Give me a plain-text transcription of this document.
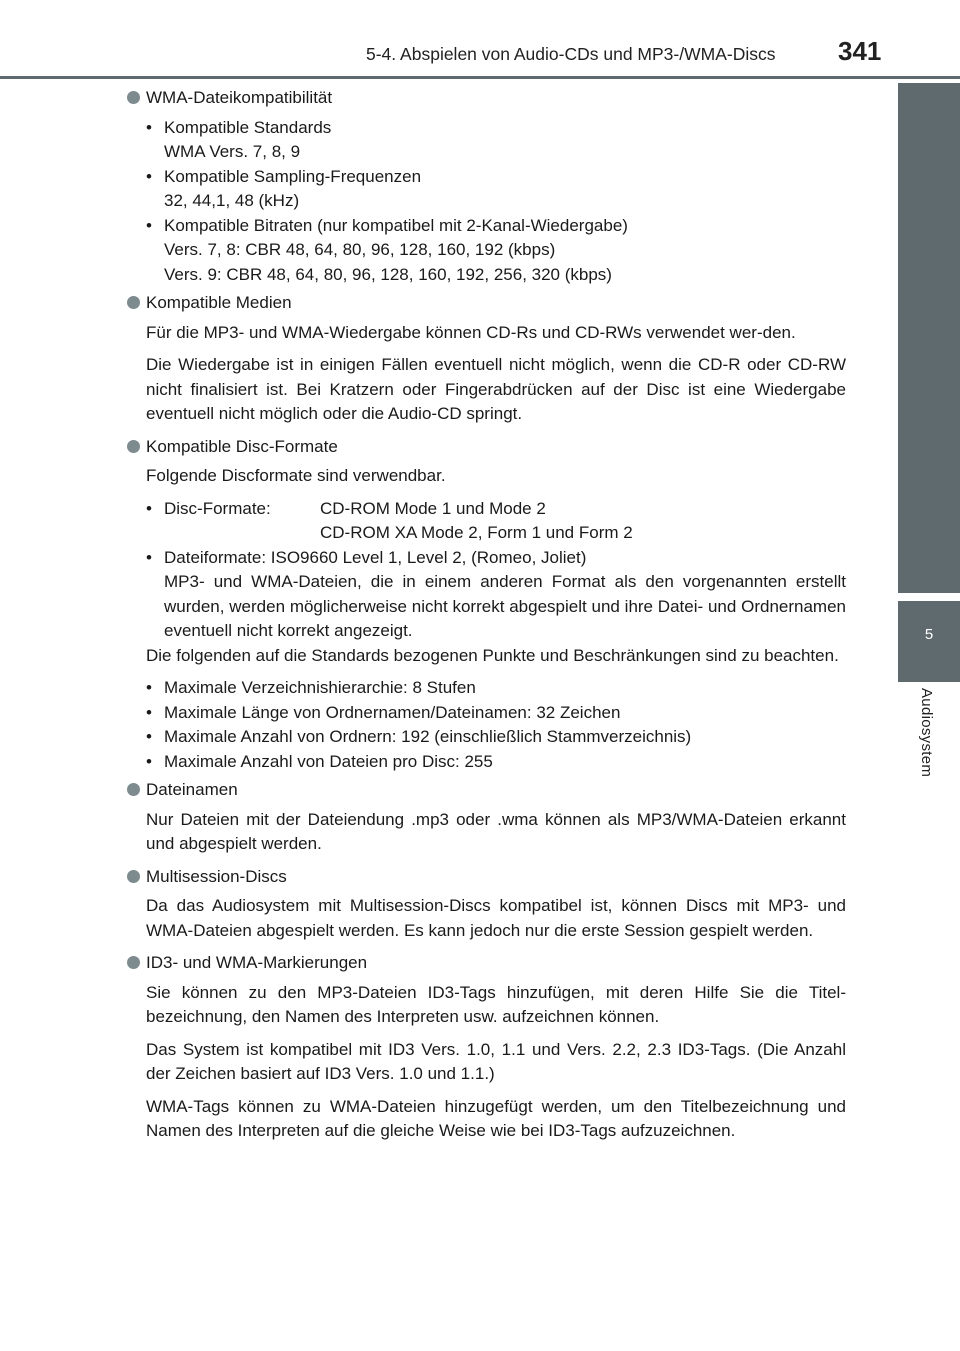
5-4. Abspielen von Audio-CDs und MP3-/WMA-Discs 341
5
Audiosystem
WMA-Dateikompatibilität
• Kompatible Standards
WMA Vers. 7, 8, 9
• Kompatible Sampling-Frequenzen
32, 44,1, 48 (kHz)
• Kompatible Bitraten (nur kompatibel mit 2-Kanal-Wiedergabe)
Vers. 7, 8: CBR 48, 64, 80, 96, 128, 160, 192 (kbps)
Vers. 9: CBR 48, 64, 80, 96, 128, 160, 192, 256, 320 (kbps)
Kompatible Medien

Für die MP3- und WMA-Wiedergabe können CD-Rs und CD-RWs verwendet wer-den.

Die Wiedergabe ist in einigen Fällen eventuell nicht möglich, wenn die CD-R oder CD-RW nicht finalisiert ist. Bei Kratzern oder Fingerabdrücken auf der Disc ist eine Wiedergabe eventuell nicht möglich oder die Audio-CD springt.

Kompatible Disc-Formate

Folgende Discformate sind verwendbar.

• Disc-Formate:	CD-ROM Mode 1 und Mode 2
CD-ROM XA Mode 2, Form 1 und Form 2
• Dateiformate: ISO9660 Level 1, Level 2, (Romeo, Joliet)
MP3- und WMA-Dateien, die in einem anderen Format als den vorgenannten erstellt wurden, werden möglicherweise nicht korrekt abgespielt und ihre Datei- und Ordnernamen eventuell nicht korrekt angezeigt.

Die folgenden auf die Standards bezogenen Punkte und Beschränkungen sind zu beachten.

• Maximale Verzeichnishierarchie: 8 Stufen
• Maximale Länge von Ordnernamen/Dateinamen: 32 Zeichen
• Maximale Anzahl von Ordnern: 192 (einschließlich Stammverzeichnis)
• Maximale Anzahl von Dateien pro Disc: 255
Dateinamen

Nur Dateien mit der Dateiendung .mp3 oder .wma können als MP3/WMA-Dateien erkannt und abgespielt werden.

Multisession-Discs

Da das Audiosystem mit Multisession-Discs kompatibel ist, können Discs mit MP3- und WMA-Dateien abgespielt werden. Es kann jedoch nur die erste Session gespielt werden.

ID3- und WMA-Markierungen

Sie können zu den MP3-Dateien ID3-Tags hinzufügen, mit deren Hilfe Sie die Titel-bezeichnung, den Namen des Interpreten usw. aufzeichnen können.

Das System ist kompatibel mit ID3 Vers. 1.0, 1.1 und Vers. 2.2, 2.3 ID3-Tags. (Die Anzahl der Zeichen basiert auf ID3 Vers. 1.0 und 1.1.)

WMA-Tags können zu WMA-Dateien hinzugefügt werden, um den Titelbezeichnung und Namen des Interpreten auf die gleiche Weise wie bei ID3-Tags aufzuzeichnen.
